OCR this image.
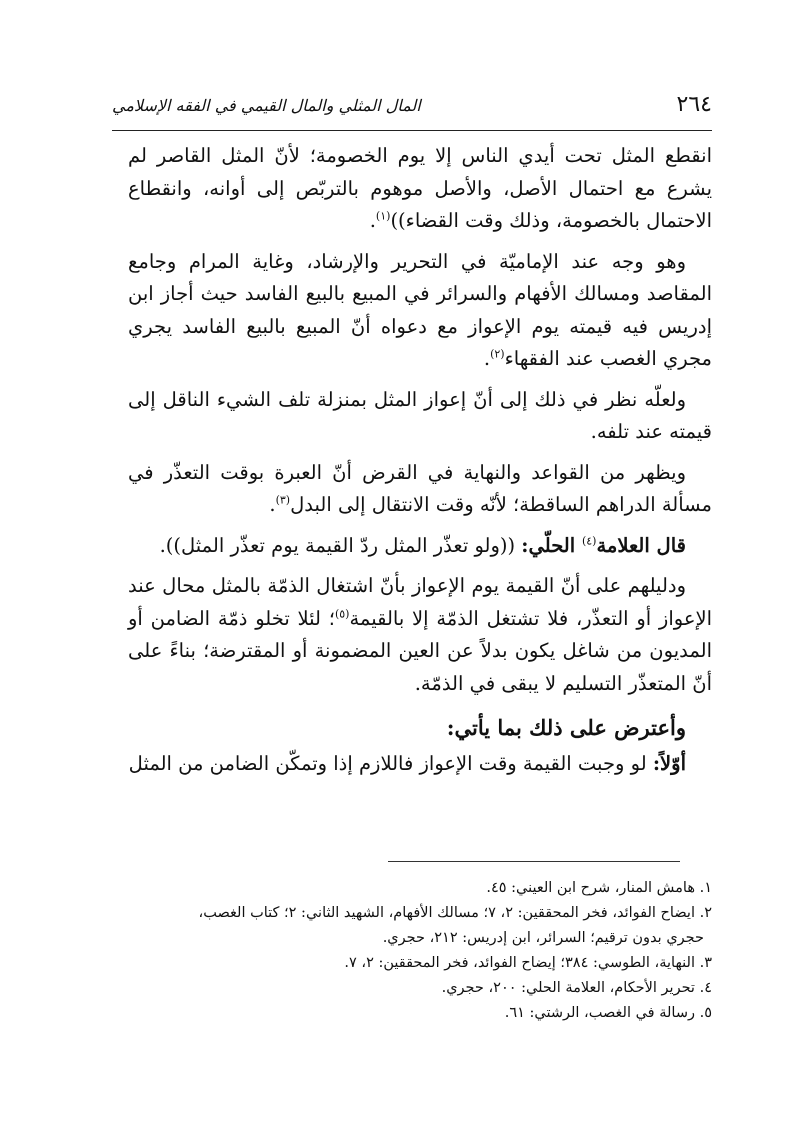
٢٦٤
المال المثلي والمال القيمي في الفقه الإسلامي

انقطع المثل تحت أيدي الناس إلا يوم الخصومة؛ لأنّ المثل القاصر لم يشرع مع احتمال الأصل، والأصل موهوم بالتربّص إلى أوانه، وانقطاع الاحتمال بالخصومة، وذلك وقت القضاء))$^{(١)}$.

وهو وجه عند الإماميّة في التحرير والإرشاد، وغاية المرام وجامع المقاصد ومسالك الأفهام والسرائر في المبيع بالبيع الفاسد حيث أجاز ابن إدريس فيه قيمته يوم الإعواز مع دعواه أنّ المبيع بالبيع الفاسد يجري مجري الغصب عند الفقهاء$^{(٢)}$.

ولعلّه نظر في ذلك إلى أنّ إعواز المثل بمنزلة تلف الشيء الناقل إلى قيمته عند تلفه.

ويظهر من القواعد والنهاية في القرض أنّ العبرة بوقت التعذّر في مسألة الدراهم الساقطة؛ لأنّه وقت الانتقال إلى البدل$^{(٣)}$.

قال العلامة$^{(٤)}$ الحلّي: ((ولو تعذّر المثل ردّ القيمة يوم تعذّر المثل)).

ودليلهم على أنّ القيمة يوم الإعواز بأنّ اشتغال الذمّة بالمثل محال عند الإعواز أو التعذّر، فلا تشتغل الذمّة إلا بالقيمة$^{(٥)}$؛ لئلا تخلو ذمّة الضامن أو المديون من شاغل يكون بدلاً عن العين المضمونة أو المقترضة؛ بناءً على أنّ المتعذّر التسليم لا يبقى في الذمّة.

وأعترض على ذلك بما يأتي:

أوّلاً: لو وجبت القيمة وقت الإعواز فاللازم إذا وتمكّن الضامن من المثل

١. هامش المنار، شرح ابن العيني: ٤٥.

٢. ايضاح الفوائد، فخر المحققين: ٢، ٧؛ مسالك الأفهام، الشهيد الثاني: ٢؛ كتاب الغصب،

حجري بدون ترقيم؛ السرائر، ابن إدريس: ٢١٢، حجري.

٣. النهاية، الطوسي: ٣٨٤؛ إيضاح الفوائد، فخر المحققين: ٢، ٧.

٤. تحرير الأحكام، العلامة الحلي: ٢٠٠، حجري.

٥. رسالة في الغصب، الرشتي: ٦١.
